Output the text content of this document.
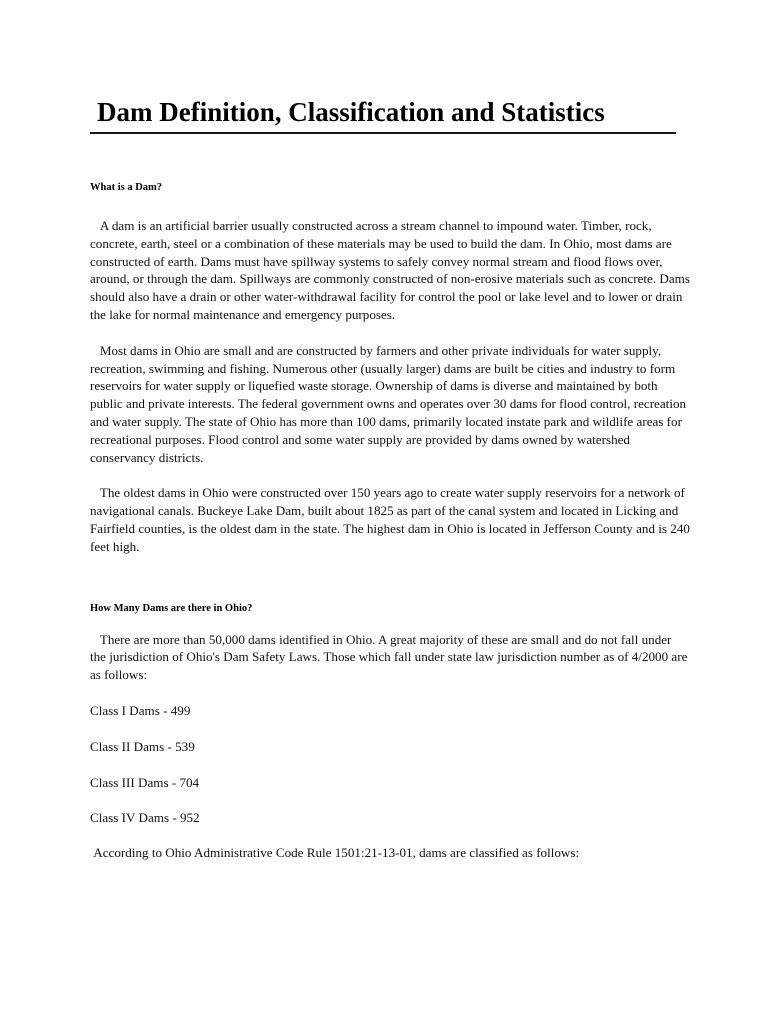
Dam Definition, Classification and Statistics

What is a Dam?

A dam is an artificial barrier usually constructed across a stream channel to impound water. Timber, rock, concrete, earth, steel or a combination of these materials may be used to build the dam. In Ohio, most dams are constructed of earth. Dams must have spillway systems to safely convey normal stream and flood flows over, around, or through the dam. Spillways are commonly constructed of non-erosive materials such as concrete. Dams should also have a drain or other water-withdrawal facility for control the pool or lake level and to lower or drain the lake for normal maintenance and emergency purposes.

Most dams in Ohio are small and are constructed by farmers and other private individuals for water supply, recreation, swimming and fishing. Numerous other (usually larger) dams are built be cities and industry to form reservoirs for water supply or liquefied waste storage. Ownership of dams is diverse and maintained by both public and private interests. The federal government owns and operates over 30 dams for flood control, recreation and water supply. The state of Ohio has more than 100 dams, primarily located instate park and wildlife areas for recreational purposes. Flood control and some water supply are provided by dams owned by watershed conservancy districts.

The oldest dams in Ohio were constructed over 150 years ago to create water supply reservoirs for a network of navigational canals. Buckeye Lake Dam, built about 1825 as part of the canal system and located in Licking and Fairfield counties, is the oldest dam in the state. The highest dam in Ohio is located in Jefferson County and is 240 feet high.

How Many Dams are there in Ohio?

There are more than 50,000 dams identified in Ohio. A great majority of these are small and do not fall under the jurisdiction of Ohio's Dam Safety Laws. Those which fall under state law jurisdiction number as of 4/2000 are as follows:

Class I Dams - 499

Class II Dams - 539

Class III Dams - 704

Class IV Dams - 952

According to Ohio Administrative Code Rule 1501:21-13-01, dams are classified as follows:
